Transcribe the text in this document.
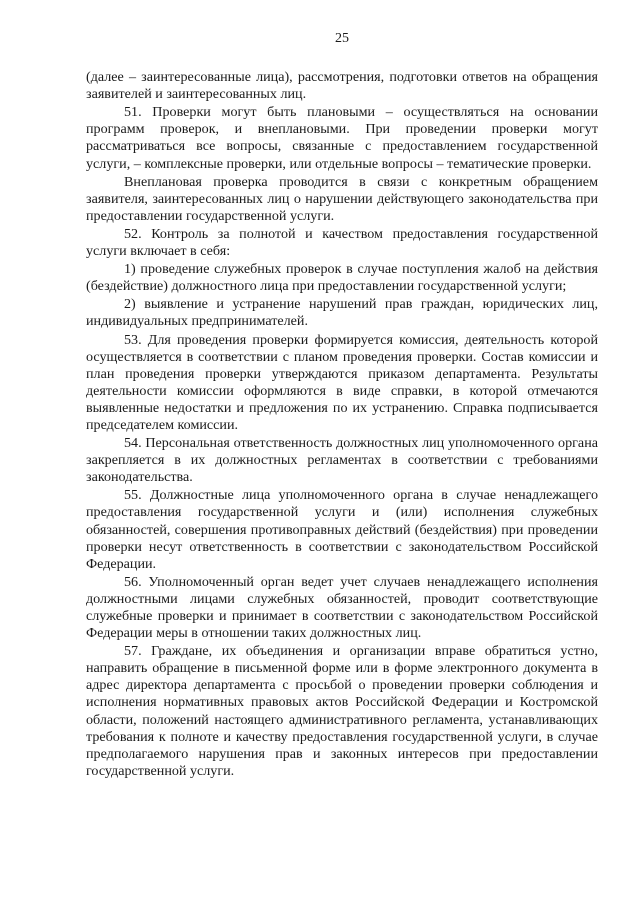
25

(далее – заинтересованные лица), рассмотрения, подготовки ответов на обращения заявителей и заинтересованных лиц.

51. Проверки могут быть плановыми – осуществляться на основании программ проверок, и внеплановыми. При проведении проверки могут рассматриваться все вопросы, связанные с предоставлением государственной услуги, – комплексные проверки, или отдельные вопросы – тематические проверки.

Внеплановая проверка проводится в связи с конкретным обращением заявителя, заинтересованных лиц о нарушении действующего законодательства при предоставлении государственной услуги.

52. Контроль за полнотой и качеством предоставления государственной услуги включает в себя:

1) проведение служебных проверок в случае поступления жалоб на действия (бездействие) должностного лица при предоставлении государственной услуги;

2) выявление и устранение нарушений прав граждан, юридических лиц, индивидуальных предпринимателей.

53. Для проведения проверки формируется комиссия, деятельность которой осуществляется в соответствии с планом проведения проверки. Состав комиссии и план проведения проверки утверждаются приказом департамента. Результаты деятельности комиссии оформляются в виде справки, в которой отмечаются выявленные недостатки и предложения по их устранению. Справка подписывается председателем комиссии.

54. Персональная ответственность должностных лиц уполномоченного органа закрепляется в их должностных регламентах в соответствии с требованиями законодательства.

55. Должностные лица уполномоченного органа в случае ненадлежащего предоставления государственной услуги и (или) исполнения служебных обязанностей, совершения противоправных действий (бездействия) при проведении проверки несут ответственность в соответствии с законодательством Российской Федерации.

56. Уполномоченный орган ведет учет случаев ненадлежащего исполнения должностными лицами служебных обязанностей, проводит соответствующие служебные проверки и принимает в соответствии с законодательством Российской Федерации меры в отношении таких должностных лиц.

57. Граждане, их объединения и организации вправе обратиться устно, направить обращение в письменной форме или в форме электронного документа в адрес директора департамента с просьбой о проведении проверки соблюдения и исполнения нормативных правовых актов Российской Федерации и Костромской области, положений настоящего административного регламента, устанавливающих требования к полноте и качеству предоставления государственной услуги, в случае предполагаемого нарушения прав и законных интересов при предоставлении государственной услуги.
